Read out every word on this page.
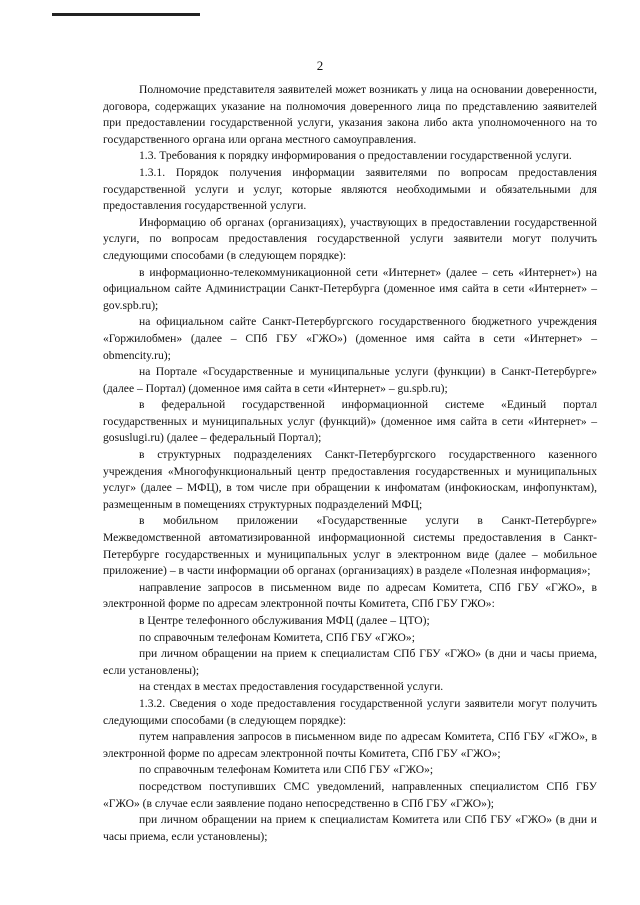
2

Полномочие представителя заявителей может возникать у лица на основании доверенности, договора, содержащих указание на полномочия доверенного лица по представлению заявителей при предоставлении государственной услуги, указания закона либо акта уполномоченного на то государственного органа или органа местного самоуправления.

1.3. Требования к порядку информирования о предоставлении государственной услуги.

1.3.1. Порядок получения информации заявителями по вопросам предоставления государственной услуги и услуг, которые являются необходимыми и обязательными для предоставления государственной услуги.

Информацию об органах (организациях), участвующих в предоставлении государственной услуги, по вопросам предоставления государственной услуги заявители могут получить следующими способами (в следующем порядке):

в информационно-телекоммуникационной сети «Интернет» (далее – сеть «Интернет») на официальном сайте Администрации Санкт-Петербурга (доменное имя сайта в сети «Интернет» – gov.spb.ru);

на официальном сайте Санкт-Петербургского государственного бюджетного учреждения «Горжилобмен» (далее – СПб ГБУ «ГЖО») (доменное имя сайта в сети «Интернет» – obmencity.ru);

на Портале «Государственные и муниципальные услуги (функции) в Санкт-Петербурге» (далее – Портал) (доменное имя сайта в сети «Интернет» – gu.spb.ru);

в федеральной государственной информационной системе «Единый портал государственных и муниципальных услуг (функций)» (доменное имя сайта в сети «Интернет» – gosuslugi.ru) (далее – федеральный Портал);

в структурных подразделениях Санкт-Петербургского государственного казенного учреждения «Многофункциональный центр предоставления государственных и муниципальных услуг» (далее – МФЦ), в том числе при обращении к инфоматам (инфокиоскам, инфопунктам), размещенным в помещениях структурных подразделений МФЦ;

в мобильном приложении «Государственные услуги в Санкт-Петербурге» Межведомственной автоматизированной информационной системы предоставления в Санкт-Петербурге государственных и муниципальных услуг в электронном виде (далее – мобильное приложение) – в части информации об органах (организациях) в разделе «Полезная информация»;

направление запросов в письменном виде по адресам Комитета, СПб ГБУ «ГЖО», в электронной форме по адресам электронной почты Комитета, СПб ГБУ ГЖО»:

в Центре телефонного обслуживания МФЦ (далее – ЦТО);

по справочным телефонам Комитета, СПб ГБУ «ГЖО»;

при личном обращении на прием к специалистам СПб ГБУ «ГЖО» (в дни и часы приема, если установлены);

на стендах в местах предоставления государственной услуги.

1.3.2. Сведения о ходе предоставления государственной услуги заявители могут получить следующими способами (в следующем порядке):

путем направления запросов в письменном виде по адресам Комитета, СПб ГБУ «ГЖО», в электронной форме по адресам электронной почты Комитета, СПб ГБУ «ГЖО»;

по справочным телефонам Комитета или СПб ГБУ «ГЖО»;

посредством поступивших СМС уведомлений, направленных специалистом СПб ГБУ «ГЖО» (в случае если заявление подано непосредственно в СПб ГБУ «ГЖО»);

при личном обращении на прием к специалистам Комитета или СПб ГБУ «ГЖО» (в дни и часы приема, если установлены);
